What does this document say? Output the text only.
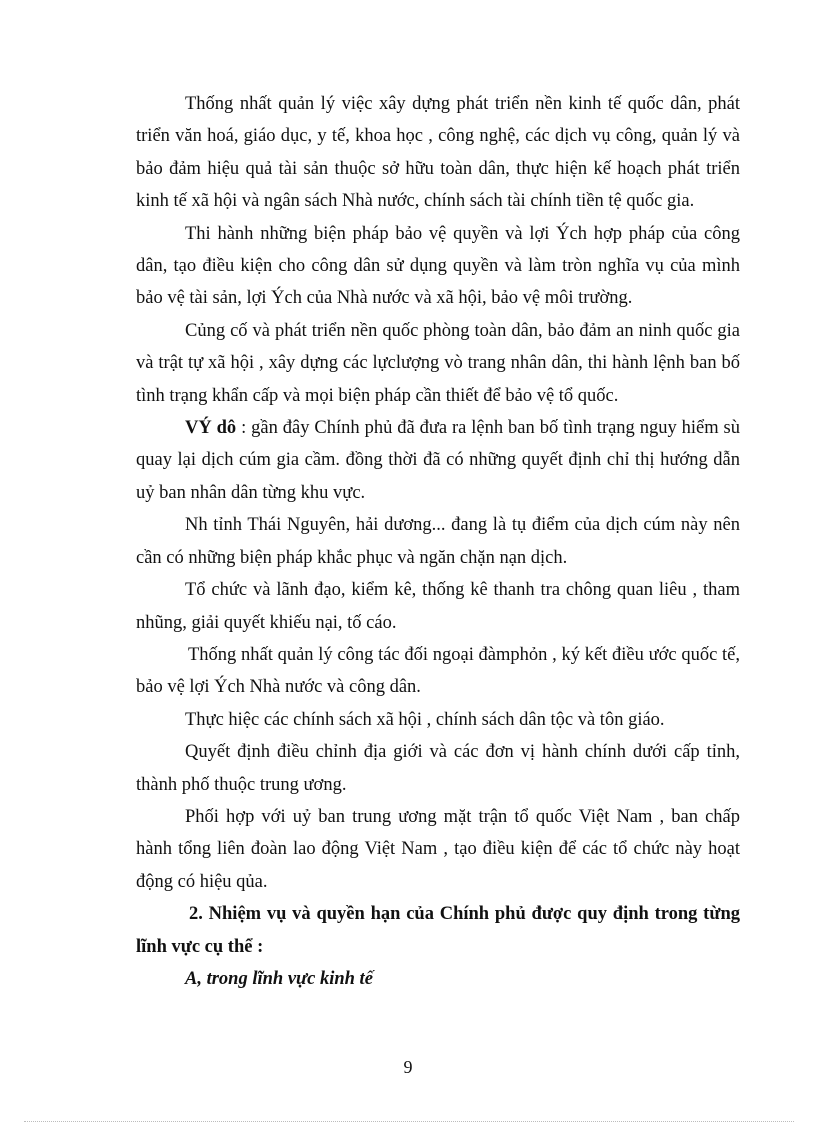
Thống nhất quản lý việc xây dựng phát triển nền kinh tế quốc dân, phát triển văn hoá, giáo dục, y tế, khoa học , công nghệ, các dịch vụ công, quản lý và bảo đảm hiệu quả tài sản thuộc sở hữu toàn dân, thực hiện kế hoạch phát triển kinh tế xã hội và ngân sách Nhà nước, chính sách tài chính tiền tệ quốc gia.

Thi hành những biện pháp bảo vệ quyền và lợi Ých hợp pháp của công dân, tạo điều kiện cho công dân sử dụng quyền và làm tròn nghĩa vụ của mình bảo vệ tài sản, lợi Ých của Nhà nước và xã hội, bảo vệ môi trường.

Củng cố và phát triển nền quốc phòng toàn dân, bảo đảm an ninh quốc gia và trật tự xã hội , xây dựng các lựclượng vò trang nhân dân, thi hành lệnh ban bố tình trạng khẩn cấp và mọi biện pháp cần thiết để bảo vệ tổ quốc.

VÝ dô : gần đây Chính phủ đã đưa ra lệnh ban bố tình trạng nguy hiểm sù quay lại dịch cúm gia cầm. đồng thời đã có những quyết định chỉ thị hướng dẫn uỷ ban nhân dân từng khu vực.

Nh tỉnh Thái Nguyên, hải dương... đang là tụ điểm của dịch cúm này nên cần có những biện pháp khắc phục và ngăn chặn nạn dịch.

Tổ chức và lãnh đạo, kiểm kê, thống kê thanh tra chông quan liêu , tham nhũng, giải quyết khiếu nại, tố cáo.

Thống nhất quản lý công tác đối ngoại đàmphỏn , ký kết điều ước quốc tế, bảo vệ lợi Ých Nhà nước và công dân.

Thực hiệc các chính sách xã hội , chính sách dân tộc và tôn giáo.

Quyết định điều chỉnh địa giới và các đơn vị hành chính dưới cấp tỉnh, thành phố thuộc trung ương.

Phối hợp với uỷ ban trung ương mặt trận tổ quốc Việt Nam , ban chấp hành tổng liên đoàn lao động Việt Nam , tạo điều kiện để các tổ chức này hoạt động có hiệu qủa.

2. Nhiệm vụ và quyền hạn của Chính phủ được quy định trong từng lĩnh vực cụ thể :

A, trong lĩnh vực kinh tế

9
